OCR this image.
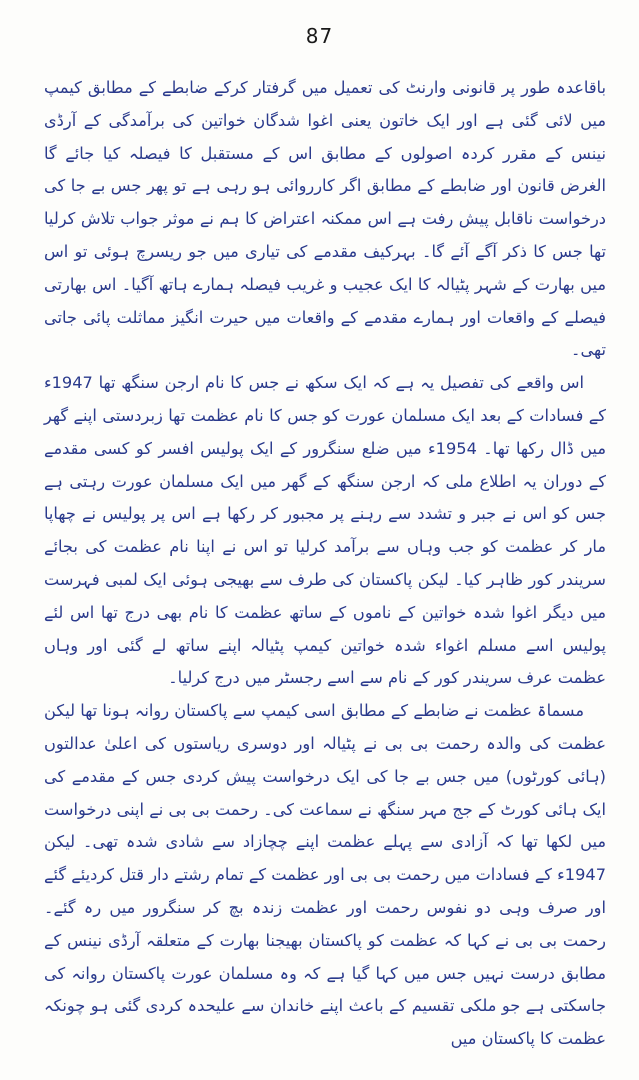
87

باقاعدہ طور پر قانونی وارنٹ کی تعمیل میں گرفتار کرکے ضابطے کے مطابق کیمپ میں لائی گئی ہے اور ایک خاتون یعنی اغوا شدگان خواتین کی برآمدگی کے آرڈی نینس کے مقرر کردہ اصولوں کے مطابق اس کے مستقبل کا فیصلہ کیا جائے گا الغرض قانون اور ضابطے کے مطابق اگر کارروائی ہو رہی ہے تو پھر جس بے جا کی درخواست ناقابل پیش رفت ہے اس ممکنہ اعتراض کا ہم نے موثر جواب تلاش کرلیا تھا جس کا ذکر آگے آئے گا۔ بہرکیف مقدمے کی تیاری میں جو ریسرچ ہوئی تو اس میں بھارت کے شہر پٹیالہ کا ایک عجیب و غریب فیصلہ ہمارے ہاتھ آگیا۔ اس بھارتی فیصلے کے واقعات اور ہمارے مقدمے کے واقعات میں حیرت انگیز مماثلت پائی جاتی تھی۔

اس واقعے کی تفصیل یہ ہے کہ ایک سکھ نے جس کا نام ارجن سنگھ تھا 1947ء کے فسادات کے بعد ایک مسلمان عورت کو جس کا نام عظمت تھا زبردستی اپنے گھر میں ڈال رکھا تھا۔ 1954ء میں ضلع سنگرور کے ایک پولیس افسر کو کسی مقدمے کے دوران یہ اطلاع ملی کہ ارجن سنگھ کے گھر میں ایک مسلمان عورت رہتی ہے جس کو اس نے جبر و تشدد سے رہنے پر مجبور کر رکھا ہے اس پر پولیس نے چھاپا مار کر عظمت کو جب وہاں سے برآمد کرلیا تو اس نے اپنا نام عظمت کی بجائے سریندر کور ظاہر کیا۔ لیکن پاکستان کی طرف سے بھیجی ہوئی ایک لمبی فہرست میں دیگر اغوا شدہ خواتین کے ناموں کے ساتھ عظمت کا نام بھی درج تھا اس لئے پولیس اسے مسلم اغواء شدہ خواتین کیمپ پٹیالہ اپنے ساتھ لے گئی اور وہاں عظمت عرف سریندر کور کے نام سے اسے رجسٹر میں درج کرلیا۔

مسماۃ عظمت نے ضابطے کے مطابق اسی کیمپ سے پاکستان روانہ ہونا تھا لیکن عظمت کی والدہ رحمت بی بی نے پٹیالہ اور دوسری ریاستوں کی اعلیٰ عدالتوں (ہائی کورٹوں) میں جس بے جا کی ایک درخواست پیش کردی جس کے مقدمے کی ایک ہائی کورٹ کے جج مہر سنگھ نے سماعت کی۔ رحمت بی بی نے اپنی درخواست میں لکھا تھا کہ آزادی سے پہلے عظمت اپنے چچازاد سے شادی شدہ تھی۔ لیکن 1947ء کے فسادات میں رحمت بی بی اور عظمت کے تمام رشتے دار قتل کردیئے گئے اور صرف وہی دو نفوس رحمت اور عظمت زندہ بچ کر سنگرور میں رہ گئے۔ رحمت بی بی نے کہا کہ عظمت کو پاکستان بھیجنا بھارت کے متعلقہ آرڈی نینس کے مطابق درست نہیں جس میں کہا گیا ہے کہ وہ مسلمان عورت پاکستان روانہ کی جاسکتی ہے جو ملکی تقسیم کے باعث اپنے خاندان سے علیحدہ کردی گئی ہو چونکہ عظمت کا پاکستان میں
